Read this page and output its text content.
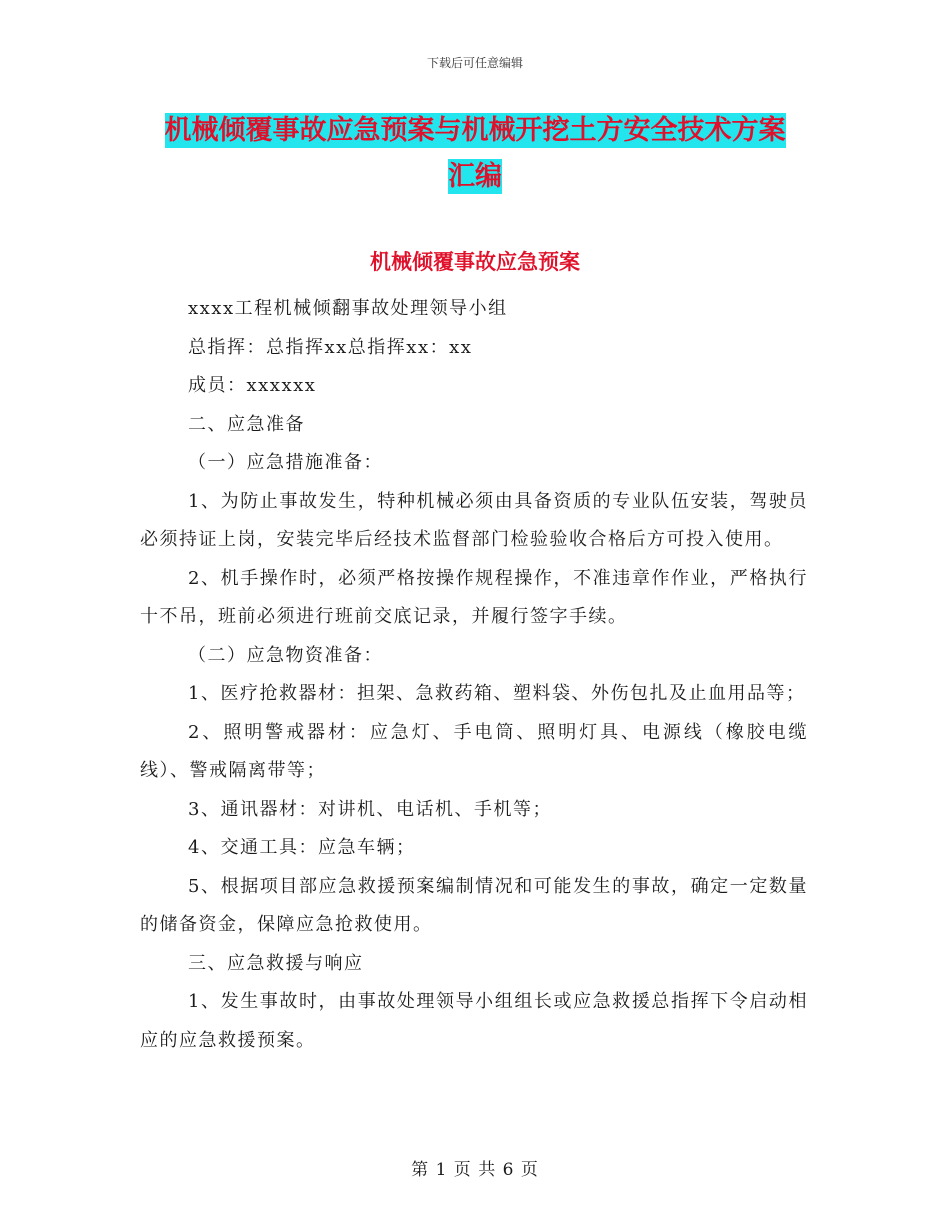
下载后可任意编辑
机械倾覆事故应急预案与机械开挖土方安全技术方案
汇编
机械倾覆事故应急预案

xxxx工程机械倾翻事故处理领导小组

总指挥：总指挥xx总指挥xx：xx

成员：xxxxxx

二、应急准备

（一）应急措施准备：

1、为防止事故发生，特种机械必须由具备资质的专业队伍安装，驾驶员必须持证上岗，安装完毕后经技术监督部门检验验收合格后方可投入使用。

2、机手操作时，必须严格按操作规程操作，不准违章作作业，严格执行十不吊，班前必须进行班前交底记录，并履行签字手续。

（二）应急物资准备：

1、医疗抢救器材：担架、急救药箱、塑料袋、外伤包扎及止血用品等；

2、照明警戒器材：应急灯、手电筒、照明灯具、电源线（橡胶电缆线）、警戒隔离带等；

3、通讯器材：对讲机、电话机、手机等；

4、交通工具：应急车辆；

5、根据项目部应急救援预案编制情况和可能发生的事故，确定一定数量的储备资金，保障应急抢救使用。

三、应急救援与响应

1、发生事故时，由事故处理领导小组组长或应急救援总指挥下令启动相应的应急救援预案。

第 1 页 共 6 页
